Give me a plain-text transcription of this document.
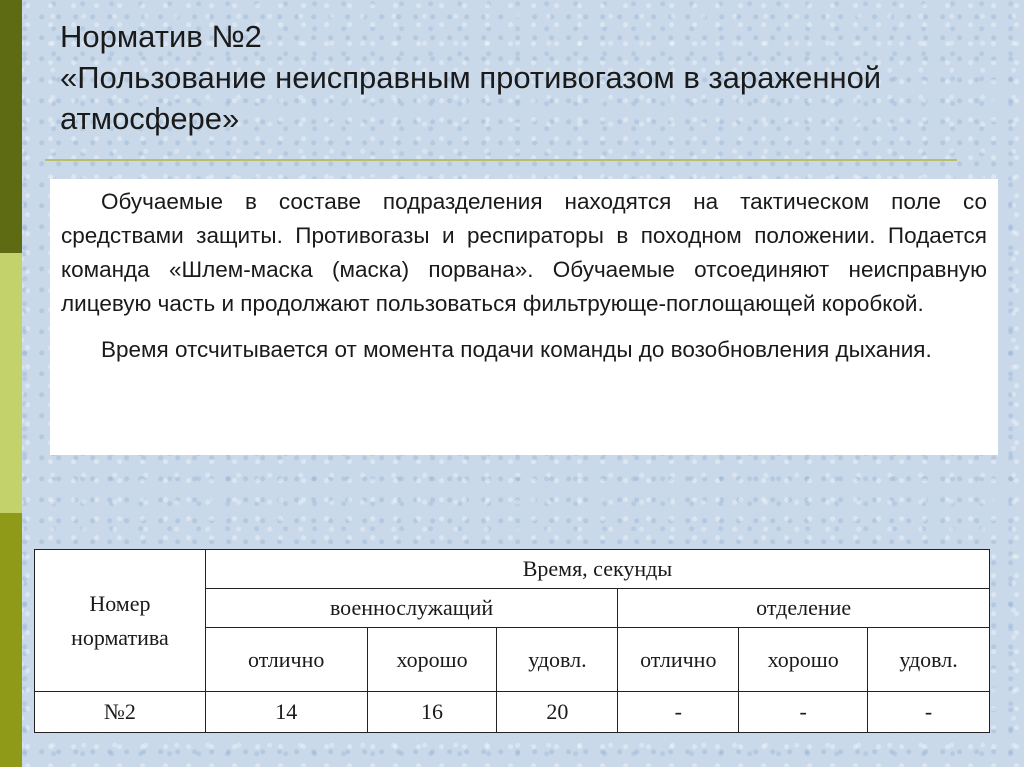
Норматив №2
«Пользование неисправным противогазом в зараженной атмосфере»

Обучаемые в составе подразделения находятся на тактическом поле со средствами защиты. Противогазы и респираторы в походном положении. Подается команда «Шлем-маска (маска) порвана». Обучаемые отсоединяют неисправную лицевую часть и продолжают пользоваться фильтрующе-поглощающей коробкой.

Время отсчитывается от момента подачи команды до возобновления дыхания.

Номер
норматива	Время, секунды					
	военнослужащий			отделение		
	отлично	хорошо	удовл.	отлично	хорошо	удовл.
№2	14	16	20	-	-	-
